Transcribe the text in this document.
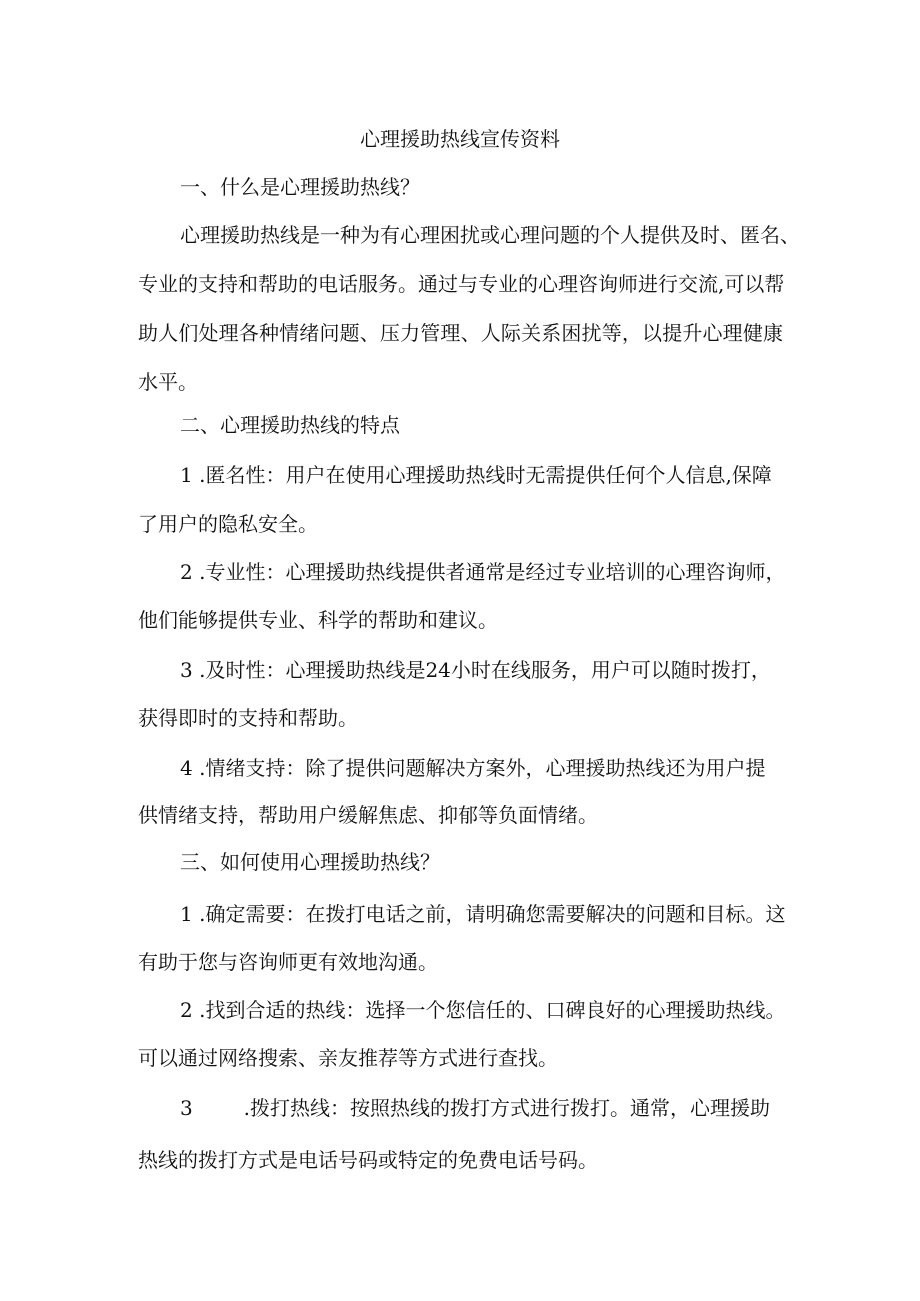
心理援助热线宣传资料

一、什么是心理援助热线？

心理援助热线是一种为有心理困扰或心理问题的个人提供及时、匿名、

专业的支持和帮助的电话服务。通过与专业的心理咨询师进行交流,可以帮

助人们处理各种情绪问题、压力管理、人际关系困扰等，以提升心理健康

水平。

二、心理援助热线的特点

1 .匿名性：用户在使用心理援助热线时无需提供任何个人信息,保障

了用户的隐私安全。

2 .专业性：心理援助热线提供者通常是经过专业培训的心理咨询师，

他们能够提供专业、科学的帮助和建议。

3 .及时性：心理援助热线是24小时在线服务，用户可以随时拨打，

获得即时的支持和帮助。

4 .情绪支持：除了提供问题解决方案外，心理援助热线还为用户提

供情绪支持，帮助用户缓解焦虑、抑郁等负面情绪。

三、如何使用心理援助热线？

1 .确定需要：在拨打电话之前，请明确您需要解决的问题和目标。这

有助于您与咨询师更有效地沟通。

2 .找到合适的热线：选择一个您信任的、口碑良好的心理援助热线。

可以通过网络搜索、亲友推荐等方式进行查找。

3        .拨打热线：按照热线的拨打方式进行拨打。通常，心理援助

热线的拨打方式是电话号码或特定的免费电话号码。
